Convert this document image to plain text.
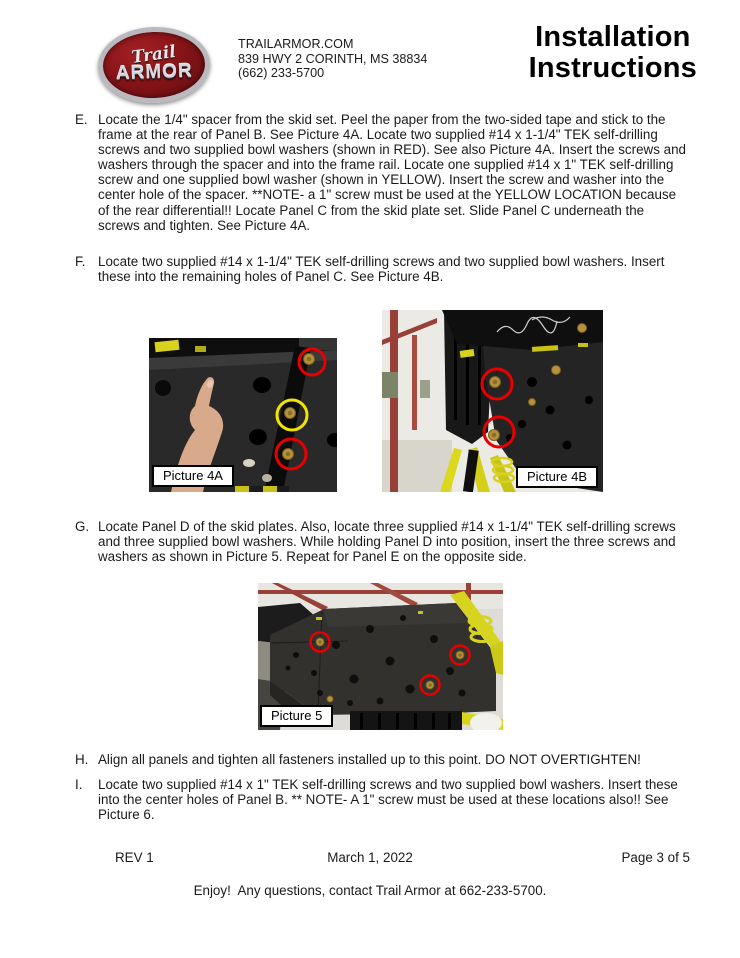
Trail
ARMOR
TRAILARMOR.COM
839 HWY 2 CORINTH, MS 38834
(662) 233-5700
Installation
Instructions
E. Locate the 1/4" spacer from the skid set. Peel the paper from the two-sided tape and stick to the frame at the rear of Panel B. See Picture 4A. Locate two supplied #14 x 1-1/4" TEK self-drilling screws and two supplied bowl washers (shown in RED). See also Picture 4A. Insert the screws and washers through the spacer and into the frame rail. Locate one supplied #14 x 1" TEK self-drilling screw and one supplied bowl washer (shown in YELLOW). Insert the screw and washer into the center hole of the spacer. **NOTE- a 1" screw must be used at the YELLOW LOCATION because of the rear differential!! Locate Panel C from the skid plate set. Slide Panel C underneath the screws and tighten. See Picture 4A.
F. Locate two supplied #14 x 1-1/4" TEK self-drilling screws and two supplied bowl washers. Insert these into the remaining holes of Panel C. See Picture 4B.
Picture 4A	Picture 4B
G. Locate Panel D of the skid plates. Also, locate three supplied #14 x 1-1/4" TEK self-drilling screws and three supplied bowl washers. While holding Panel D into position, insert the three screws and washers as shown in Picture 5. Repeat for Panel E on the opposite side.
Picture 5
H. Align all panels and tighten all fasteners installed up to this point. DO NOT OVERTIGHTEN!
I.	Locate two supplied #14 x 1" TEK self-drilling screws and two supplied bowl washers. Insert these into the center holes of Panel B. ** NOTE- A 1" screw must be used at these locations also!! See Picture 6.
REV 1	March 1, 2022	Page 3 of 5
Enjoy!  Any questions, contact Trail Armor at 662-233-5700.
